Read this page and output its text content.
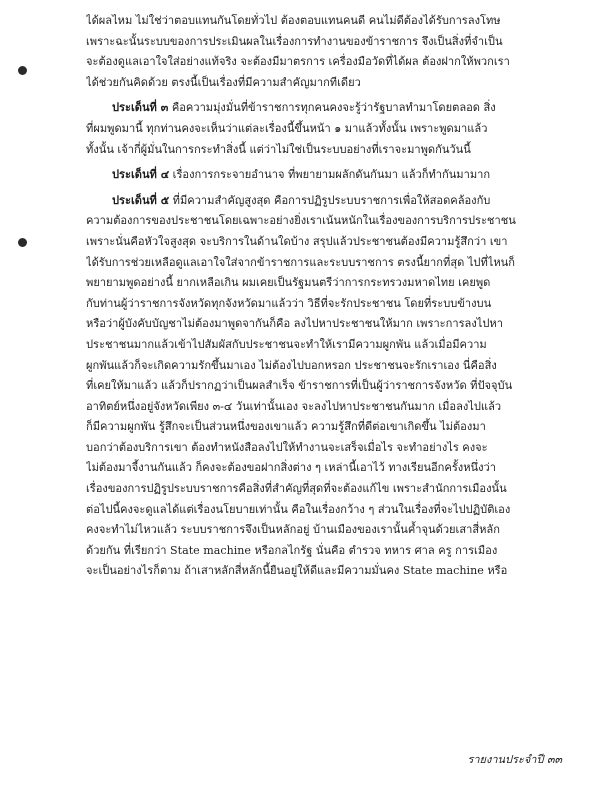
ได้ผลไหม ไม่ใช่ว่าตอบแทนกันโดยทั่วไป ต้องตอบแทนคนดี คนไม่ดีต้องได้รับการลงโทษ
เพราะฉะนั้นระบบของการประเมินผลในเรื่องการทำงานของข้าราชการ จึงเป็นสิ่งที่จำเป็น
จะต้องดูแลเอาใจใส่อย่างแท้จริง จะต้องมีมาตรการ เครื่องมือวัดที่ได้ผล ต้องฝากให้พวกเรา
ได้ช่วยกันคิดด้วย ตรงนี้เป็นเรื่องที่มีความสำคัญมากทีเดียว
ประเด็นที่ ๓ คือความมุ่งมั่นที่ข้าราชการทุกคนคงจะรู้ว่ารัฐบาลทำมาโดยตลอด สิ่ง
ที่ผมพูดมานี้ ทุกท่านคงจะเห็นว่าแต่ละเรื่องนี้ขึ้นหน้า ๑ มาแล้วทั้งนั้น เพราะพูดมาแล้ว
ทั้งนั้น เจ้ากี่ผู้มั่นในการกระทำสิ่งนี้ แต่ว่าไม่ใช่เป็นระบบอย่างที่เราจะมาพูดกันวันนี้
ประเด็นที่ ๔ เรื่องการกระจายอำนาจ ที่พยายามผลักดันกันมา แล้วก็ทำกันมามาก
ประเด็นที่ ๕ ที่มีความสำคัญสูงสุด คือการปฏิรูประบบราชการเพื่อให้สอดคล้องกับ
ความต้องการของประชาชนโดยเฉพาะอย่างยิ่งเราเน้นหนักในเรื่องของการบริการประชาชน
เพราะนั่นคือหัวใจสูงสุด จะบริการในด้านใดบ้าง สรุปแล้วประชาชนต้องมีความรู้สึกว่า เขา
ได้รับการช่วยเหลือดูแลเอาใจใส่จากข้าราชการและระบบราชการ ตรงนี้ยากที่สุด ไปที่ไหนก็
พยายามพูดอย่างนี้ ยากเหลือเกิน ผมเคยเป็นรัฐมนตรีว่าการกระทรวงมหาดไทย เคยพูด
กับท่านผู้ว่าราชการจังหวัดทุกจังหวัดมาแล้วว่า วิธีที่จะรักประชาชน โดยที่ระบบข้างบน
หรือว่าผู้บังคับบัญชาไม่ต้องมาพูดจากันก็คือ ลงไปหาประชาชนให้มาก เพราะการลงไปหา
ประชาชนมากแล้วเข้าไปสัมผัสกับประชาชนจะทำให้เรามีความผูกพัน แล้วเมื่อมีความ
ผูกพันแล้วก็จะเกิดความรักขึ้นมาเอง ไม่ต้องไปบอกหรอก ประชาชนจะรักเราเอง นี่คือสิ่ง
ที่เคยให้มาแล้ว แล้วก็ปรากฏว่าเป็นผลสำเร็จ ข้าราชการที่เป็นผู้ว่าราชการจังหวัด ที่ปัจจุบัน
อาทิตย์หนึ่งอยู่จังหวัดเพียง ๓-๔ วันเท่านั้นเอง จะลงไปหาประชาชนกันมาก เมื่อลงไปแล้ว
ก็มีความผูกพัน รู้สึกจะเป็นส่วนหนึ่งของเขาแล้ว ความรู้สึกที่ดีต่อเขาเกิดขึ้น ไม่ต้องมา
บอกว่าต้องบริการเขา ต้องทำหนังสือลงไปให้ทำงานจะเสร็จเมื่อไร จะทำอย่างไร คงจะ
ไม่ต้องมาจี้งานกันแล้ว ก็คงจะต้องขอฝากสิ่งต่าง ๆ เหล่านี้เอาไว้ ทางเรียนอีกครั้งหนึ่งว่า
เรื่องของการปฏิรูประบบราชการคือสิ่งที่สำคัญที่สุดที่จะต้องแก้ไข เพราะสำนักการเมืองนั้น
ต่อไปนี้คงจะดูแลได้แต่เรื่องนโยบายเท่านั้น คือในเรื่องกว้าง ๆ ส่วนในเรื่องที่จะไปปฏิบัติเอง
คงจะทำไม่ไหวแล้ว ระบบราชการจึงเป็นหลักอยู่ บ้านเมืองของเรานั้นค้ำจุนด้วยเสาสี่หลัก
ด้วยกัน ที่เรียกว่า State machine หรือกลไกรัฐ นั่นคือ ตำรวจ ทหาร ศาล ครู การเมือง
จะเป็นอย่างไรก็ตาม ถ้าเสาหลักสี่หลักนี้ยืนอยู่ให้ดีและมีความมั่นคง State machine หรือ
รายงานประจำปี ๓๓
